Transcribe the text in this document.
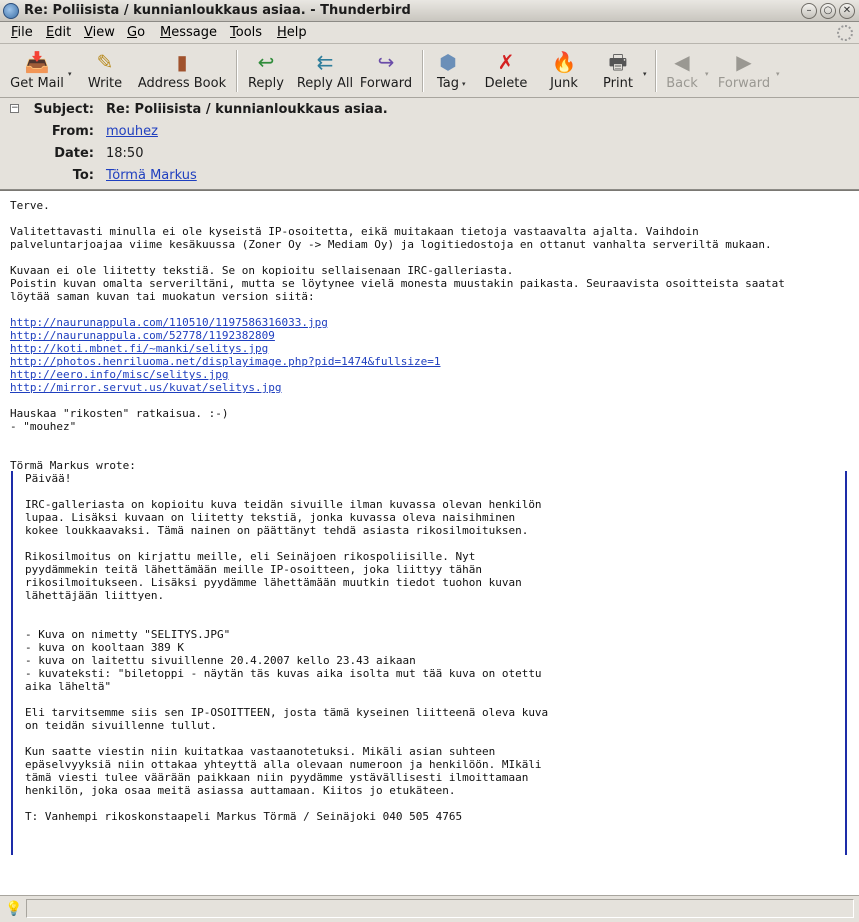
Re: Poliisista / kunnianloukkaus asiaa. - Thunderbird	–	○	✕
File Edit View Go Message Tools Help
📥
Get Mail
▾ ✎
Write
▮
Address Book
↩
Reply
⇇
Reply All
↪
Forward
⬢
Tag ▾
✗
Delete
🔥
Junk
🖶
Print
▾	◀
Back
▾	▶
Forward
▾
−	Subject: Re: Poliisista / kunnianloukkaus asiaa.
From: mouhez
Date: 18:50
To: Törmä Markus
Terve.
Valitettavasti minulla ei ole kyseistä IP-osoitetta, eikä muitakaan tietoja vastaavalta ajalta. Vaihdoin
palveluntarjoajaa viime kesäkuussa (Zoner Oy -> Mediam Oy) ja logitiedostoja en ottanut vanhalta serveriltä mukaan.
Kuvaan ei ole liitetty tekstiä. Se on kopioitu sellaisenaan IRC-galleriasta.
Poistin kuvan omalta serveriltäni, mutta se löytynee vielä monesta muustakin paikasta. Seuraavista osoitteista saatat
löytää saman kuvan tai muokatun version siitä:
http://naurunappula.com/110510/1197586316033.jpg
http://naurunappula.com/52778/1192382809
http://koti.mbnet.fi/~manki/selitys.jpg
http://photos.henriluoma.net/displayimage.php?pid=1474&fullsize=1
http://eero.info/misc/selitys.jpg
http://mirror.servut.us/kuvat/selitys.jpg
Hauskaa "rikosten" ratkaisua. :-)
- "mouhez"
Törmä Markus wrote:
Päivää!
IRC-galleriasta on kopioitu kuva teidän sivuille ilman kuvassa olevan henkilön
lupaa. Lisäksi kuvaan on liitetty tekstiä, jonka kuvassa oleva naisihminen
kokee loukkaavaksi. Tämä nainen on päättänyt tehdä asiasta rikosilmoituksen.
Rikosilmoitus on kirjattu meille, eli Seinäjoen rikospoliisille. Nyt
pyydämmekin teitä lähettämään meille IP-osoitteen, joka liittyy tähän
rikosilmoitukseen. Lisäksi pyydämme lähettämään muutkin tiedot tuohon kuvan
lähettäjään liittyen.
- Kuva on nimetty "SELITYS.JPG"
- kuva on kooltaan 389 K
- kuva on laitettu sivuillenne 20.4.2007 kello 23.43 aikaan
- kuvateksti: "biletoppi - näytän täs kuvas aika isolta mut tää kuva on otettu
aika läheltä"
Eli tarvitsemme siis sen IP-OSOITTEEN, josta tämä kyseinen liitteenä oleva kuva
on teidän sivuillenne tullut.
Kun saatte viestin niin kuitatkaa vastaanotetuksi. Mikäli asian suhteen
epäselvyyksiä niin ottakaa yhteyttä alla olevaan numeroon ja henkilöön. MIkäli
tämä viesti tulee väärään paikkaan niin pyydämme ystävällisesti ilmoittamaan
henkilön, joka osaa meitä asiassa auttamaan. Kiitos jo etukäteen.
T: Vanhempi rikoskonstaapeli Markus Törmä / Seinäjoki 040 505 4765
💡
